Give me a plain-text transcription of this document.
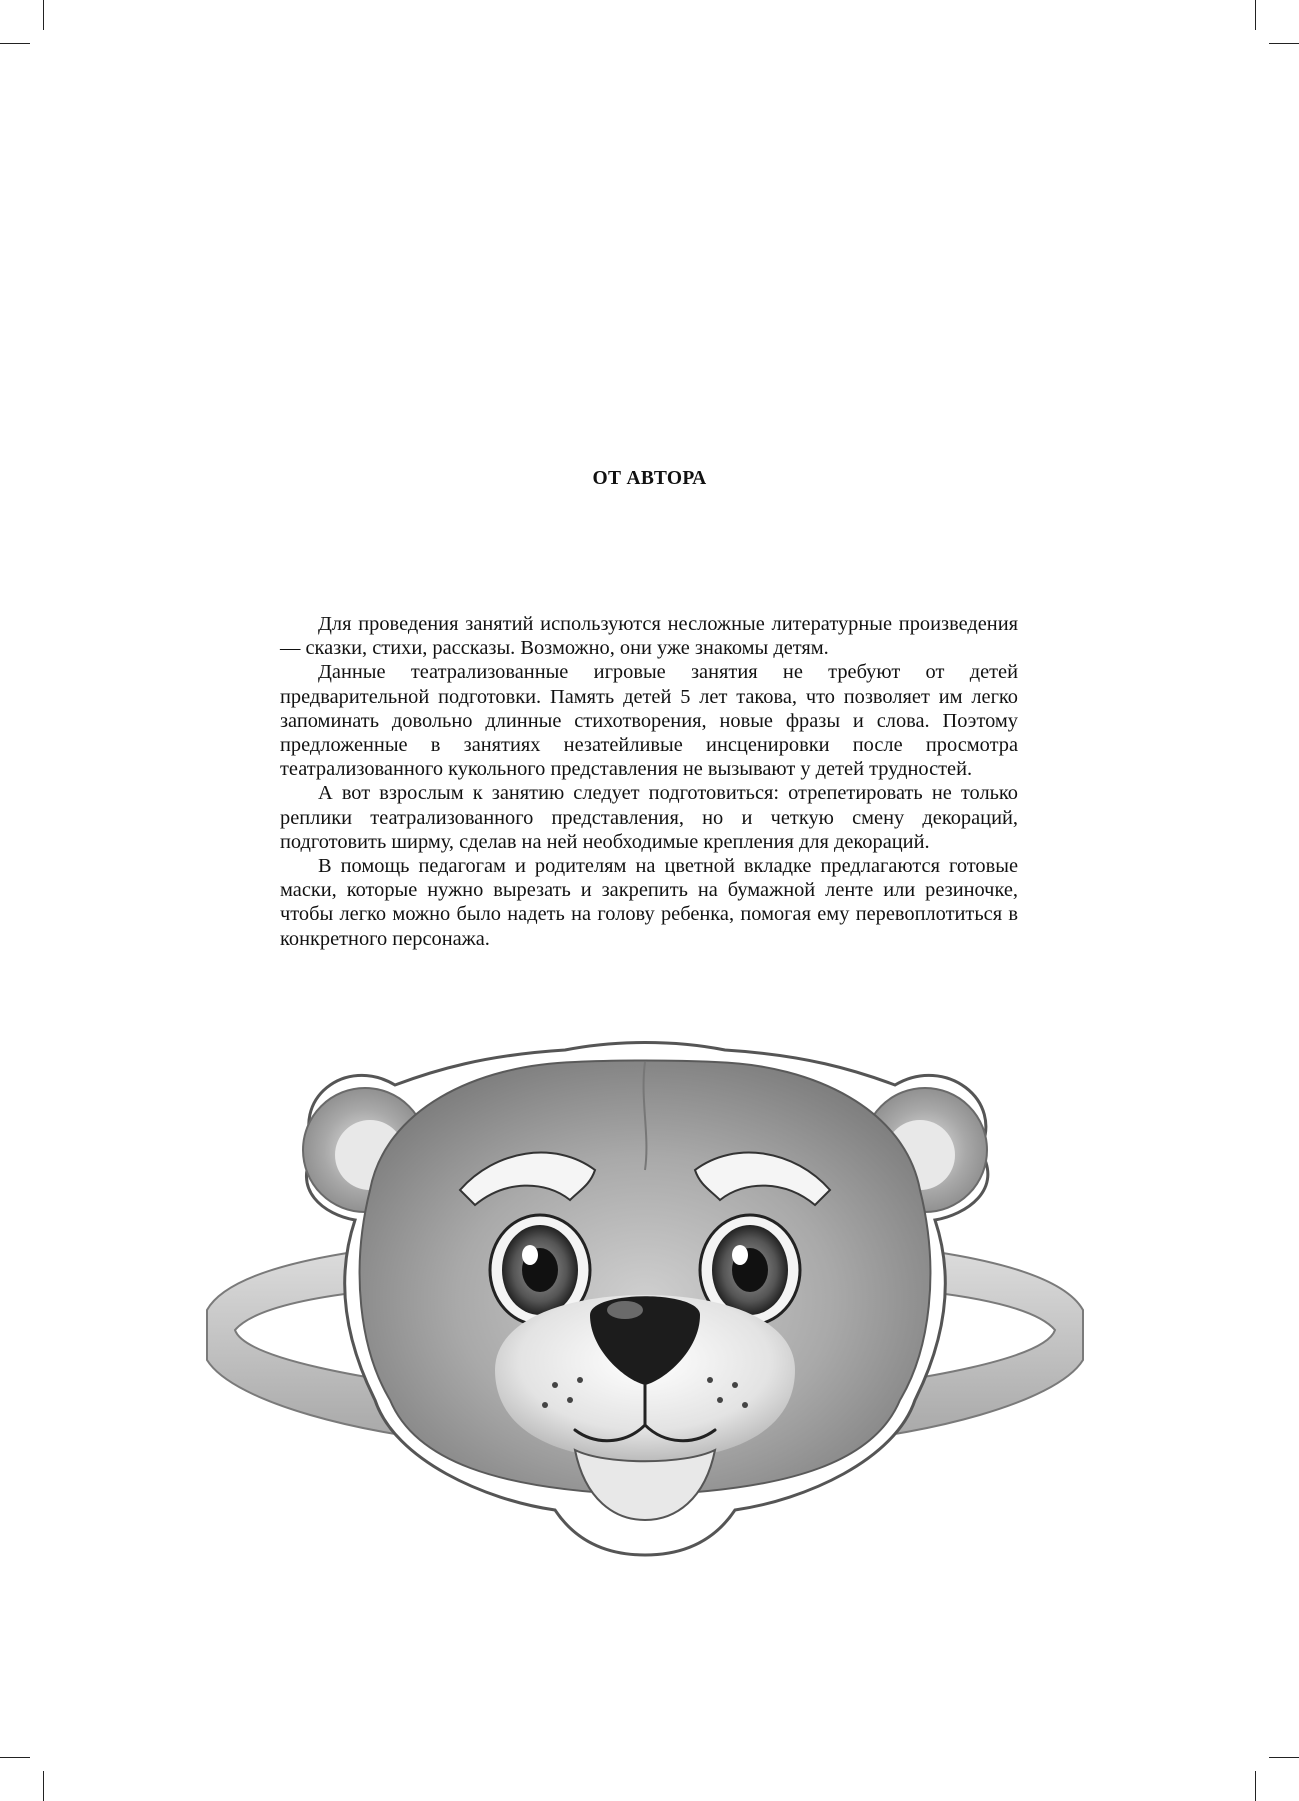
ОТ АВТОРА

Для проведения занятий используются несложные литературные произведения — сказки, стихи, рассказы. Возможно, они уже знакомы детям.

Данные театрализованные игровые занятия не требуют от детей предварительной подготовки. Память детей 5 лет такова, что позволяет им легко запоминать довольно длинные стихотворения, новые фразы и слова. Поэтому предложенные в занятиях незатейливые инсценировки после просмотра театрализованного кукольного представления не вызывают у детей трудностей.

А вот взрослым к занятию следует подготовиться: отрепетировать не только реплики театрализованного представления, но и четкую смену декораций, подготовить ширму, сделав на ней необходимые крепления для декораций.

В помощь педагогам и родителям на цветной вкладке предлагаются готовые маски, которые нужно вырезать и закрепить на бумажной ленте или резиночке, чтобы легко можно было надеть на голову ребенка, помогая ему перевоплотиться в конкретного персонажа.
